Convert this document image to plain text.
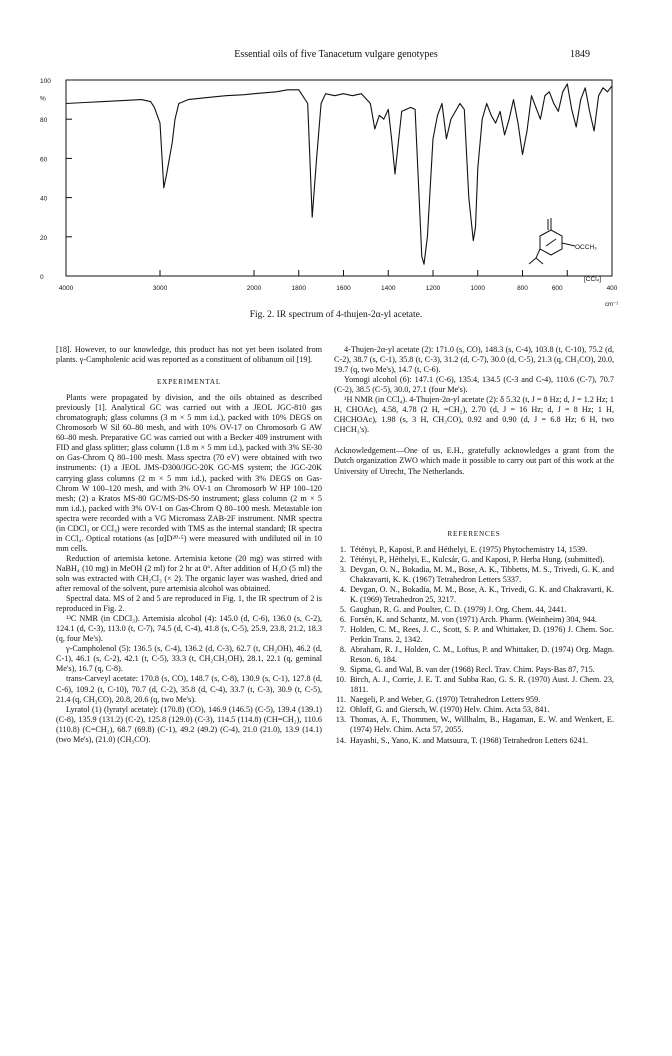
Essential oils of five Tanacetum vulgare genotypes	1849
100
%
80
60
40
20
0
4000	3000	2000	1800	1600	1400	1200	1000	800	600	400
OCCH₃
[CCl₄]
cm⁻¹
Fig. 2. IR spectrum of 4-thujen-2α-yl acetate.

[18]. However, to our knowledge, this product has not yet been isolated from plants. γ-Campholenic acid was reported as a constituent of olibanum oil [19].

EXPERIMENTAL

Plants were propagated by division, and the oils obtained as described previously [1]. Analytical GC was carried out with a JEOL JGC-810 gas chromatograph; glass columns (3 m × 5 mm i.d.), packed with 10% DEGS on Chromosorb W Sil 60–80 mesh, and with 10% OV-17 on Chromosorb G AW 60–80 mesh. Preparative GC was carried out with a Becker 409 instrument with FID and glass splitter; glass column (1.8 m × 5 mm i.d.), packed with 3% SE-30 on Gas-Chrom Q 80–100 mesh. Mass spectra (70 eV) were obtained with two instruments: (1) a JEOL JMS-D300/JGC-20K GC-MS system; the JGC-20K carrying glass columns (2 m × 5 mm i.d.), packed with 3% DEGS on Gas-Chrom W 100–120 mesh, and with 3% OV-1 on Chromosorb W HP 100–120 mesh; (2) a Kratos MS-80 GC/MS-DS-50 instrument; glass column (2 m × 5 mm i.d.), packed with 3% OV-1 on Gas-Chrom Q 80–100 mesh. Metastable ion spectra were recorded with a VG Micromass ZAB-2F instrument. NMR spectra (in CDCl₃ or CCl₄) were recorded with TMS as the internal standard; IR spectra in CCl₄. Optical rotations (as [α]D²⁰·⁵) were measured with undiluted oil in 10 mm cells.

Reduction of artemisia ketone. Artemisia ketone (20 mg) was stirred with NaBH₄ (10 mg) in MeOH (2 ml) for 2 hr at 0°. After addition of H₂O (5 ml) the soln was extracted with CH₂Cl₂ (× 2). The organic layer was washed, dried and after removal of the solvent, pure artemisia alcohol was obtained.

Spectral data. MS of 2 and 5 are reproduced in Fig. 1, the IR spectrum of 2 is reproduced in Fig. 2.

¹³C NMR (in CDCl₃). Artemisia alcohol (4): 145.0 (d, C-6), 136.0 (s, C-2), 124.1 (d, C-3), 113.0 (t, C-7), 74.5 (d, C-4), 41.8 (s, C-5), 25.9, 23.8, 21.2, 18.3 (q, four Me's).

γ-Campholenol (5): 136.5 (s, C-4), 136.2 (d, C-3), 62.7 (t, CH₂OH), 46.2 (d, C-1), 46.1 (s, C-2), 42.1 (t, C-5), 33.3 (t, CH₂CH₂OH), 28.1, 22.1 (q, geminal Me's), 16.7 (q, C-8).

trans-Carveyl acetate: 170.8 (s, CO), 148.7 (s, C-8), 130.9 (s, C-1), 127.8 (d, C-6), 109.2 (t, C-10), 70.7 (d, C-2), 35.8 (d, C-4), 33.7 (t, C-3), 30.9 (t, C-5), 21.4 (q, CH₃CO), 20.8, 20.6 (q, two Me's).

Lyratol (1) (lyratyl acetate): (170.8) (CO), 146.9 (146.5) (C-5), 139.4 (139.1) (C-8), 135.9 (131.2) (C-2), 125.8 (129.0) (C-3), 114.5 (114.8) (CH=CH₂), 110.6 (110.8) (C=CH₂), 68.7 (69.8) (C-1), 49.2 (49.2) (C-4), 21.0 (21.0), 13.9 (14.1) (two Me's), (21.0) (CH₃CO).

4-Thujen-2α-yl acetate (2): 171.0 (s, CO), 148.3 (s, C-4), 103.8 (t, C-10), 75.2 (d, C-2), 38.7 (s, C-1), 35.8 (t, C-3), 31.2 (d, C-7), 30.0 (d, C-5), 21.3 (q, CH₃CO), 20.0, 19.7 (q, two Me's), 14.7 (t, C-6).

Yomogi alcohol (6): 147.1 (C-6), 135.4, 134.5 (C-3 and C-4), 110.6 (C-7), 70.7 (C-2), 38.5 (C-5), 30.0, 27.1 (four Me's).

¹H NMR (in CCl₄). 4-Thujen-2α-yl acetate (2): δ 5.32 (t, J = 8 Hz; d, J = 1.2 Hz; 1 H, CHOAc), 4.58, 4.78 (2 H, =CH₂), 2.70 (d, J = 16 Hz; d, J = 8 Hz; 1 H, CHCHOAc), 1.98 (s, 3 H, CH₃CO), 0.92 and 0.90 (d, J = 6.8 Hz; 6 H, two CHCH₃'s).

Acknowledgement—One of us, E.H., gratefully acknowledges a grant from the Dutch organization ZWO which made it possible to carry out part of this work at the University of Utrecht, The Netherlands.

REFERENCES
1. Tétényi, P., Kaposi, P. and Héthelyi, E. (1975) Phytochemistry 14, 1539.
2. Tétényi, P., Héthelyi, E., Kulcsár, G. and Kaposi, P. Herba Hung. (submitted).
3. Devgan, O. N., Bokadia, M. M., Bose, A. K., Tibbetts, M. S., Trivedi, G. K. and Chakravarti, K. K. (1967) Tetrahedron Letters 5337.
4. Devgan, O. N., Bokadia, M. M., Bose, A. K., Trivedi, G. K. and Chakravarti, K. K. (1969) Tetrahedron 25, 3217.
5. Gaughan, R. G. and Poulter, C. D. (1979) J. Org. Chem. 44, 2441.
6. Forsén, K. and Schantz, M. von (1971) Arch. Pharm. (Weinheim) 304, 944.
7. Holden, C. M., Rees, J. C., Scott, S. P. and Whittaker, D. (1976) J. Chem. Soc. Perkin Trans. 2, 1342.
8. Abraham, R. J., Holden, C. M., Loftus, P. and Whittaker, D. (1974) Org. Magn. Reson. 6, 184.
9. Sipma, G. and Wal, B. van der (1968) Recl. Trav. Chim. Pays-Bas 87, 715.
10. Birch, A. J., Corrie, J. E. T. and Subba Rao, G. S. R. (1970) Aust. J. Chem. 23, 1811.
11. Naegeli, P. and Weber, G. (1970) Tetrahedron Letters 959.
12. Ohloff, G. and Giersch, W. (1970) Helv. Chim. Acta 53, 841.
13. Thomas, A. F., Thommen, W., Willhalm, B., Hagaman, E. W. and Wenkert, E. (1974) Helv. Chim. Acta 57, 2055.
14. Hayashi, S., Yano, K. and Matsuura, T. (1968) Tetrahedron Letters 6241.
